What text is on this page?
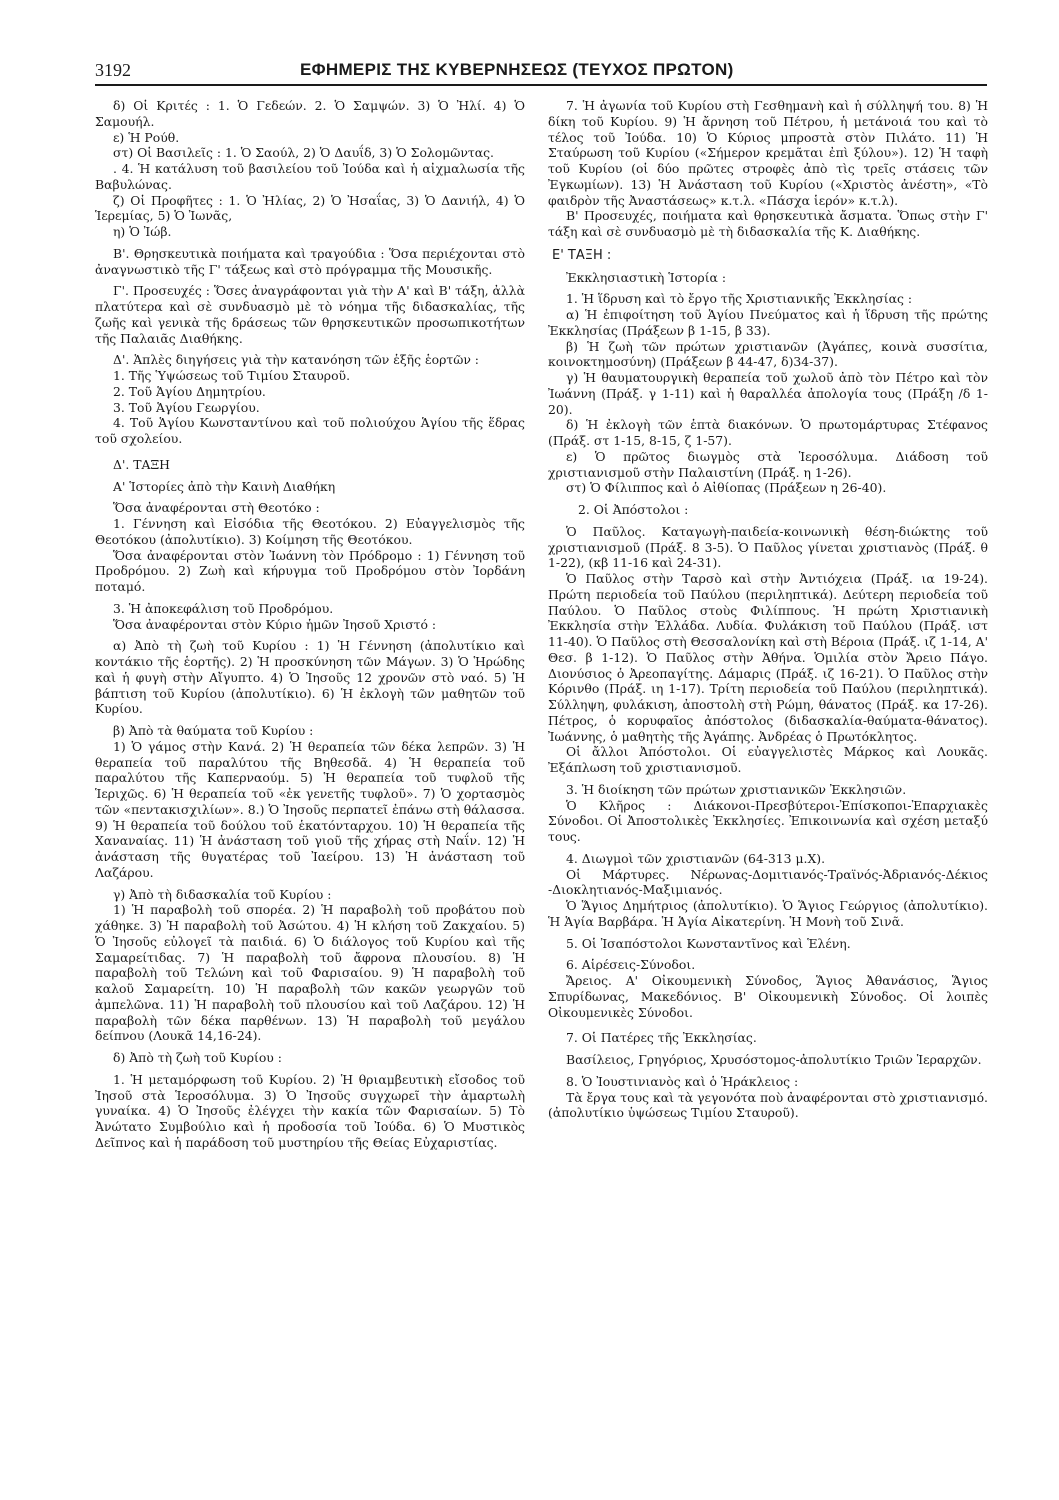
3192	ΕΦΗΜΕΡΙΣ ΤΗΣ ΚΥΒΕΡΝΗΣΕΩΣ (ΤΕΥΧΟΣ ΠΡΩΤΟΝ)

δ) Οἱ Κριτές : 1. Ὁ Γεδεών. 2. Ὁ Σαμψών. 3) Ὁ Ἠλί. 4) Ὁ Σαμουήλ.

ε) Ἡ Ρούθ.

στ) Οἱ Βασιλεῖς : 1. Ὁ Σαούλ, 2) Ὁ Δαυΐδ, 3) Ὁ Σολομῶντας.

. 4. Ἡ κατάλυση τοῦ βασιλείου τοῦ Ἰούδα καὶ ἡ αἰχμαλωσία τῆς Βαβυλώνας.

ζ) Οἱ Προφῆτες : 1. Ὁ Ἠλίας, 2) Ὁ Ἠσαΐας, 3) Ὁ Δανιήλ, 4) Ὁ Ἱερεμίας, 5) Ὁ Ἰωνᾶς,

η) Ὁ Ἰώβ.

Β'. Θρησκευτικὰ ποιήματα καὶ τραγούδια : Ὅσα περιέχονται στὸ ἀναγνωστικὸ τῆς Γ' τάξεως καὶ στὸ πρόγραμμα τῆς Μουσικῆς.

Γ'. Προσευχές : Ὅσες ἀναγράφονται γιὰ τὴν Α' καὶ Β' τάξη, ἀλλὰ πλατύτερα καὶ σὲ συνδυασμὸ μὲ τὸ νόημα τῆς διδασκαλίας, τῆς ζωῆς καὶ γενικὰ τῆς δράσεως τῶν θρησκευτικῶν προσωπικοτήτων τῆς Παλαιᾶς Διαθήκης.

Δ'. Ἁπλὲς διηγήσεις γιὰ τὴν κατανόηση τῶν ἑξῆς ἑορτῶν :

1. Τῆς Ὑψώσεως τοῦ Τιμίου Σταυροῦ.

2. Τοῦ Ἁγίου Δημητρίου.

3. Τοῦ Ἁγίου Γεωργίου.

4. Τοῦ Ἁγίου Κωνσταντίνου καὶ τοῦ πολιούχου Ἁγίου τῆς ἕδρας τοῦ σχολείου.

Δ'. ΤΑΞΗ

Α' Ἱστορίες ἀπὸ τὴν Καινὴ Διαθήκη

Ὅσα ἀναφέρονται στὴ Θεοτόκο :

1. Γέννηση καὶ Εἰσόδια τῆς Θεοτόκου. 2) Εὐαγγελισμὸς τῆς Θεοτόκου (ἀπολυτίκιο). 3) Κοίμηση τῆς Θεοτόκου.

Ὅσα ἀναφέρονται στὸν Ἰωάννη τὸν Πρόδρομο : 1) Γέννηση τοῦ Προδρόμου. 2) Ζωὴ καὶ κήρυγμα τοῦ Προδρόμου στὸν Ἰορδάνη ποταμό.

3. Ἡ ἀποκεφάλιση τοῦ Προδρόμου.

Ὅσα ἀναφέρονται στὸν Κύριο ἡμῶν Ἰησοῦ Χριστό :

α) Ἀπὸ τὴ ζωὴ τοῦ Κυρίου : 1) Ἡ Γέννηση (ἀπολυτίκιο καὶ κοντάκιο τῆς ἑορτῆς). 2) Ἡ προσκύνηση τῶν Μάγων. 3) Ὁ Ἡρώδης καὶ ἡ φυγὴ στὴν Αἴγυπτο. 4) Ὁ Ἰησοῦς 12 χρονῶν στὸ ναό. 5) Ἡ βάπτιση τοῦ Κυρίου (ἀπολυτίκιο). 6) Ἡ ἐκλογὴ τῶν μαθητῶν τοῦ Κυρίου.

β) Ἀπὸ τὰ θαύματα τοῦ Κυρίου :

1) Ὁ γάμος στὴν Κανά. 2) Ἡ θεραπεία τῶν δέκα λεπρῶν. 3) Ἡ θεραπεία τοῦ παραλύτου τῆς Βηθεσδᾶ. 4) Ἡ θεραπεία τοῦ παραλύτου τῆς Καπερναούμ. 5) Ἡ θεραπεία τοῦ τυφλοῦ τῆς Ἱεριχῶς. 6) Ἡ θεραπεία τοῦ «ἐκ γενετῆς τυφλοῦ». 7) Ὁ χορτασμὸς τῶν «πεντακισχιλίων». 8.) Ὁ Ἰησοῦς περπατεῖ ἐπάνω στὴ θάλασσα. 9) Ἡ θεραπεία τοῦ δούλου τοῦ ἑκατόνταρχου. 10) Ἡ θεραπεία τῆς Χαναναίας. 11) Ἡ ἀνάσταση τοῦ γιοῦ τῆς χήρας στὴ Ναΐν. 12) Ἡ ἀνάσταση τῆς θυγατέρας τοῦ Ἰαείρου. 13) Ἡ ἀνάσταση τοῦ Λαζάρου.

γ) Ἀπὸ τὴ διδασκαλία τοῦ Κυρίου :

1) Ἡ παραβολὴ τοῦ σπορέα. 2) Ἡ παραβολὴ τοῦ προβάτου ποὺ χάθηκε. 3) Ἡ παραβολὴ τοῦ Ἀσώτου. 4) Ἡ κλήση τοῦ Ζακχαίου. 5) Ὁ Ἰησοῦς εὐλογεῖ τὰ παιδιά. 6) Ὁ διάλογος τοῦ Κυρίου καὶ τῆς Σαμαρείτιδας. 7) Ἡ παραβολὴ τοῦ ἄφρονα πλουσίου. 8) Ἡ παραβολὴ τοῦ Τελώνη καὶ τοῦ Φαρισαίου. 9) Ἡ παραβολὴ τοῦ καλοῦ Σαμαρείτη. 10) Ἡ παραβολὴ τῶν κακῶν γεωργῶν τοῦ ἀμπελῶνα. 11) Ἡ παραβολὴ τοῦ πλουσίου καὶ τοῦ Λαζάρου. 12) Ἡ παραβολὴ τῶν δέκα παρθένων. 13) Ἡ παραβολὴ τοῦ μεγάλου δείπνου (Λουκᾶ 14,16-24).

δ) Ἀπὸ τὴ ζωὴ τοῦ Κυρίου :

1. Ἡ μεταμόρφωση τοῦ Κυρίου. 2) Ἡ θριαμβευτικὴ εἴσοδος τοῦ Ἰησοῦ στὰ Ἱεροσόλυμα. 3) Ὁ Ἰησοῦς συγχωρεῖ τὴν ἁμαρτωλὴ γυναίκα. 4) Ὁ Ἰησοῦς ἐλέγχει τὴν κακία τῶν Φαρισαίων. 5) Τὸ Ἀνώτατο Συμβούλιο καὶ ἡ προδοσία τοῦ Ἰούδα. 6) Ὁ Μυστικὸς Δεῖπνος καὶ ἡ παράδοση τοῦ μυστηρίου τῆς Θείας Εὐχαριστίας.

7. Ἡ ἀγωνία τοῦ Κυρίου στὴ Γεσθημανὴ καὶ ἡ σύλληψή του. 8) Ἡ δίκη τοῦ Κυρίου. 9) Ἡ ἄρνηση τοῦ Πέτρου, ἡ μετάνοιά του καὶ τὸ τέλος τοῦ Ἰούδα. 10) Ὁ Κύριος μπροστὰ στὸν Πιλάτο. 11) Ἡ Σταύρωση τοῦ Κυρίου («Σήμερον κρεμᾶται ἐπὶ ξύλου»). 12) Ἡ ταφὴ τοῦ Κυρίου (οἱ δύο πρῶτες στροφὲς ἀπὸ τὶς τρεῖς στάσεις τῶν Ἐγκωμίων). 13) Ἡ Ἀνάσταση τοῦ Κυρίου («Χριστὸς ἀνέστη», «Τὸ φαιδρὸν τῆς Ἀναστάσεως» κ.τ.λ. «Πάσχα ἱερόν» κ.τ.λ).

Β' Προσευχές, ποιήματα καὶ θρησκευτικὰ ἄσματα. Ὅπως στὴν Γ' τάξη καὶ σὲ συνδυασμὸ μὲ τὴ διδασκαλία τῆς Κ. Διαθήκης.

Ε' ΤΑΞΗ :

Ἐκκλησιαστικὴ Ἱστορία :

1. Ἡ ἵδρυση καὶ τὸ ἔργο τῆς Χριστιανικῆς Ἐκκλησίας :

α) Ἡ ἐπιφοίτηση τοῦ Ἁγίου Πνεύματος καὶ ἡ ἵδρυση τῆς πρώτης Ἐκκλησίας (Πράξεων β 1-15, β 33).

β) Ἡ ζωὴ τῶν πρώτων χριστιανῶν (Ἀγάπες, κοινὰ συσσίτια, κοινοκτημοσύνη) (Πράξεων β 44-47, δ)34-37).

γ) Ἡ θαυματουργικὴ θεραπεία τοῦ χωλοῦ ἀπὸ τὸν Πέτρο καὶ τὸν Ἰωάννη (Πράξ. γ 1-11) καὶ ἡ θαραλλέα ἀπολογία τους (Πράξη /δ 1-20).

δ) Ἡ ἐκλογὴ τῶν ἑπτὰ διακόνων. Ὁ πρωτομάρτυρας Στέφανος (Πράξ. στ 1-15, 8-15, ζ 1-57).

ε) Ὁ πρῶτος διωγμὸς στὰ Ἱεροσόλυμα. Διάδοση τοῦ χριστιανισμοῦ στὴν Παλαιστίνη (Πράξ. η 1-26).

στ) Ὁ Φίλιππος καὶ ὁ Αἰθίοπας (Πράξεων η 26-40).

2. Οἱ Ἀπόστολοι :

Ὁ Παῦλος. Καταγωγὴ-παιδεία-κοινωνικὴ θέση-διώκτης τοῦ χριστιανισμοῦ (Πράξ. 8 3-5). Ὁ Παῦλος γίνεται χριστιανὸς (Πράξ. θ 1-22), (κβ 11-16 καὶ 24-31).

Ὁ Παῦλος στὴν Ταρσὸ καὶ στὴν Ἀντιόχεια (Πράξ. ια 19-24). Πρώτη περιοδεία τοῦ Παύλου (περιληπτικά). Δεύτερη περιοδεία τοῦ Παύλου. Ὁ Παῦλος στοὺς Φιλίππους. Ἡ πρώτη Χριστιανικὴ Ἐκκλησία στὴν Ἑλλάδα. Λυδία. Φυλάκιση τοῦ Παύλου (Πράξ. ιστ 11-40). Ὁ Παῦλος στὴ Θεσσαλονίκη καὶ στὴ Βέροια (Πράξ. ιζ 1-14, Α' Θεσ. β 1-12). Ὁ Παῦλος στὴν Ἀθήνα. Ὁμιλία στὸν Ἄρειο Πάγο. Διονύσιος ὁ Ἀρεοπαγίτης. Δάμαρις (Πράξ. ιζ 16-21). Ὁ Παῦλος στὴν Κόρινθο (Πράξ. ιη 1-17). Τρίτη περιοδεία τοῦ Παύλου (περιληπτικά). Σύλληψη, φυλάκιση, ἀποστολὴ στὴ Ρώμη, θάνατος (Πράξ. κα 17-26). Πέτρος, ὁ κορυφαῖος ἀπόστολος (διδασκαλία-θαύματα-θάνατος). Ἰωάννης, ὁ μαθητὴς τῆς Ἀγάπης. Ἀνδρέας ὁ Πρωτόκλητος.

Οἱ ἄλλοι Ἀπόστολοι. Οἱ εὐαγγελιστὲς Μάρκος καὶ Λουκᾶς. Ἐξάπλωση τοῦ χριστιανισμοῦ.

3. Ἡ διοίκηση τῶν πρώτων χριστιανικῶν Ἐκκλησιῶν.

Ὁ Κλῆρος : Διάκονοι-Πρεσβύτεροι-Ἐπίσκοποι-Ἐπαρχιακὲς Σύνοδοι. Οἱ Ἀποστολικὲς Ἐκκλησίες. Ἐπικοινωνία καὶ σχέση μεταξύ τους.

4. Διωγμοὶ τῶν χριστιανῶν (64-313 μ.Χ).

Οἱ Μάρτυρες. Νέρωνας-Δομιτιανός-Τραϊνός-Ἀδριανός-Δέκιος -Διοκλητιανός-Μαξιμιανός.

Ὁ Ἅγιος Δημήτριος (ἀπολυτίκιο). Ὁ Ἅγιος Γεώργιος (ἀπολυτίκιο). Ἡ Ἁγία Βαρβάρα. Ἡ Ἁγία Αἰκατερίνη. Ἡ Μονὴ τοῦ Σινᾶ.

5. Οἱ Ἰσαπόστολοι Κωνσταντῖνος καὶ Ἑλένη.

6. Αἱρέσεις-Σύνοδοι.

Ἄρειος. Α' Οἰκουμενικὴ Σύνοδος, Ἅγιος Ἀθανάσιος, Ἅγιος Σπυρίδωνας, Μακεδόνιος. Β' Οἰκουμενικὴ Σύνοδος. Οἱ λοιπὲς Οἰκουμενικὲς Σύνοδοι.

7. Οἱ Πατέρες τῆς Ἐκκλησίας.

Βασίλειος, Γρηγόριος, Χρυσόστομος-ἀπολυτίκιο Τριῶν Ἱεραρχῶν.

8. Ὁ Ἰουστινιανὸς καὶ ὁ Ἡράκλειος :

Τὰ ἔργα τους καὶ τὰ γεγονότα ποὺ ἀναφέρονται στὸ χριστιανισμό. (ἀπολυτίκιο ὑψώσεως Τιμίου Σταυροῦ).
